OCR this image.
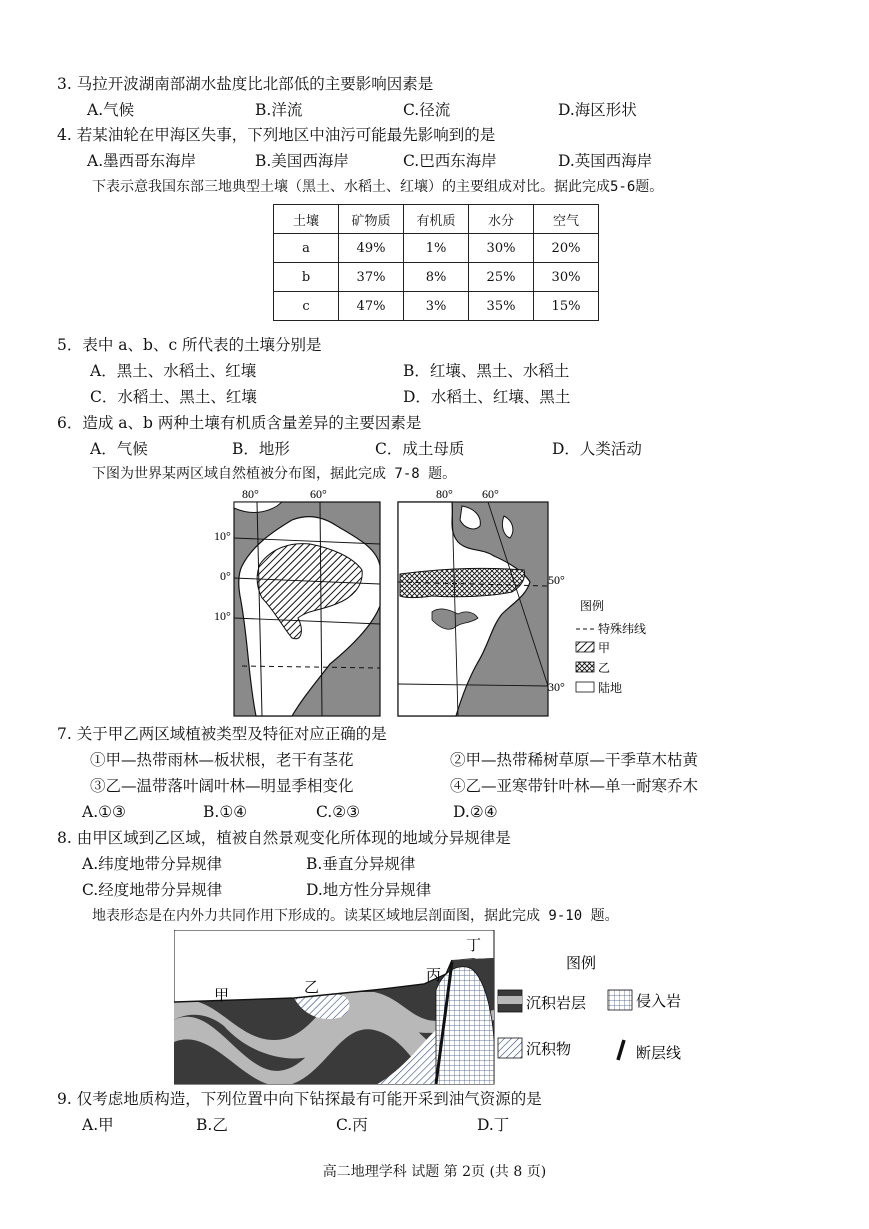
3. 马拉开波湖南部湖水盐度比北部低的主要影响因素是
A.气候	B.洋流	C.径流	D.海区形状
4. 若某油轮在甲海区失事，下列地区中油污可能最先影响到的是
A.墨西哥东海岸	B.美国西海岸	C.巴西东海岸	D.英国西海岸
下表示意我国东部三地典型土壤（黑土、水稻土、红壤）的主要组成对比。据此完成5-6题。
土壤	矿物质	有机质	水分	空气
a	49%	1%	30%	20%
b	37%	8%	25%	30%
c	47%	3%	35%	15%
5．表中 a、b、c 所代表的土壤分别是
A．黑土、水稻土、红壤	B．红壤、黑土、水稻土
C．水稻土、黑土、红壤	D．水稻土、红壤、黑土
6．造成 a、b 两种土壤有机质含量差异的主要因素是
A．气候	B．地形	C．成土母质	D．人类活动
下图为世界某两区域自然植被分布图，据此完成 7-8 题。
80°	60°
10°
0°
10°
80° 60°
50°
30°
图例
特殊纬线
甲
乙
陆地
7. 关于甲乙两区域植被类型及特征对应正确的是
①甲—热带雨林—板状根，老干有茎花	②甲—热带稀树草原—干季草木枯黄
③乙—温带落叶阔叶林—明显季相变化	④乙—亚寒带针叶林—单一耐寒乔木
A.①③	B.①④	C.②③	D.②④
8. 由甲区域到乙区域，植被自然景观变化所体现的地域分异规律是
A.纬度地带分异规律	B.垂直分异规律
C.经度地带分异规律	D.地方性分异规律
地表形态是在内外力共同作用下形成的。读某区域地层剖面图，据此完成 9-10 题。
甲	乙
丙
丁
图例
沉积岩层	侵入岩
沉积物	断层线
9. 仅考虑地质构造，下列位置中向下钻探最有可能开采到油气资源的是
A.甲	B.乙	C.丙	D.丁
高二地理学科 试题 第 2页 (共 8 页)
